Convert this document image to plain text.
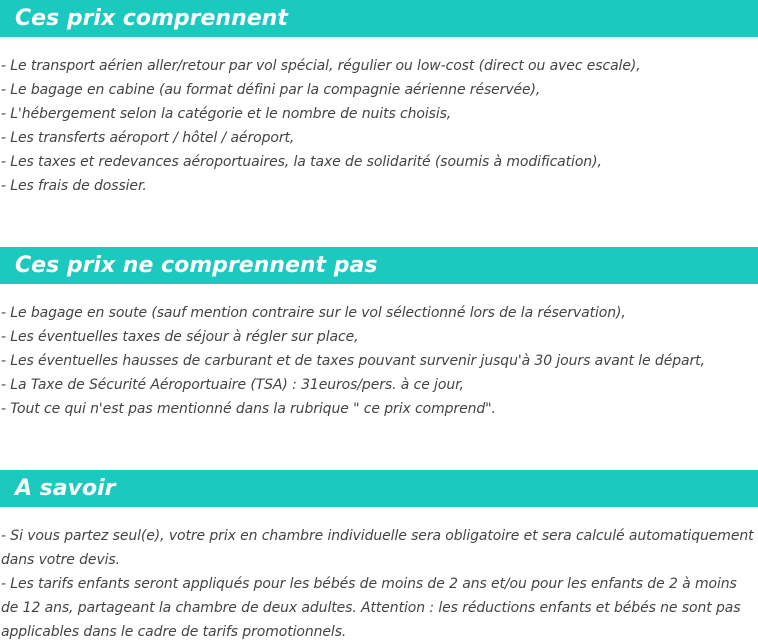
Ces prix comprennent
- Le transport aérien aller/retour par vol spécial, régulier ou low-cost (direct ou avec escale),
- Le bagage en cabine (au format défini par la compagnie aérienne réservée),
- L'hébergement selon la catégorie et le nombre de nuits choisis,
- Les transferts aéroport / hôtel / aéroport,
- Les taxes et redevances aéroportuaires, la taxe de solidarité (soumis à modification),
- Les frais de dossier.
Ces prix ne comprennent pas
- Le bagage en soute (sauf mention contraire sur le vol sélectionné lors de la réservation),
- Les éventuelles taxes de séjour à régler sur place,
- Les éventuelles hausses de carburant et de taxes pouvant survenir jusqu'à 30 jours avant le départ,
- La Taxe de Sécurité Aéroportuaire (TSA) : 31euros/pers. à ce jour,
- Tout ce qui n'est pas mentionné dans la rubrique " ce prix comprend".
A savoir
- Si vous partez seul(e), votre prix en chambre individuelle sera obligatoire et sera calculé automatiquement dans votre devis.
- Les tarifs enfants seront appliqués pour les bébés de moins de 2 ans et/ou pour les enfants de 2 à moins de 12 ans, partageant la chambre de deux adultes. Attention : les réductions enfants et bébés ne sont pas applicables dans le cadre de tarifs promotionnels.
